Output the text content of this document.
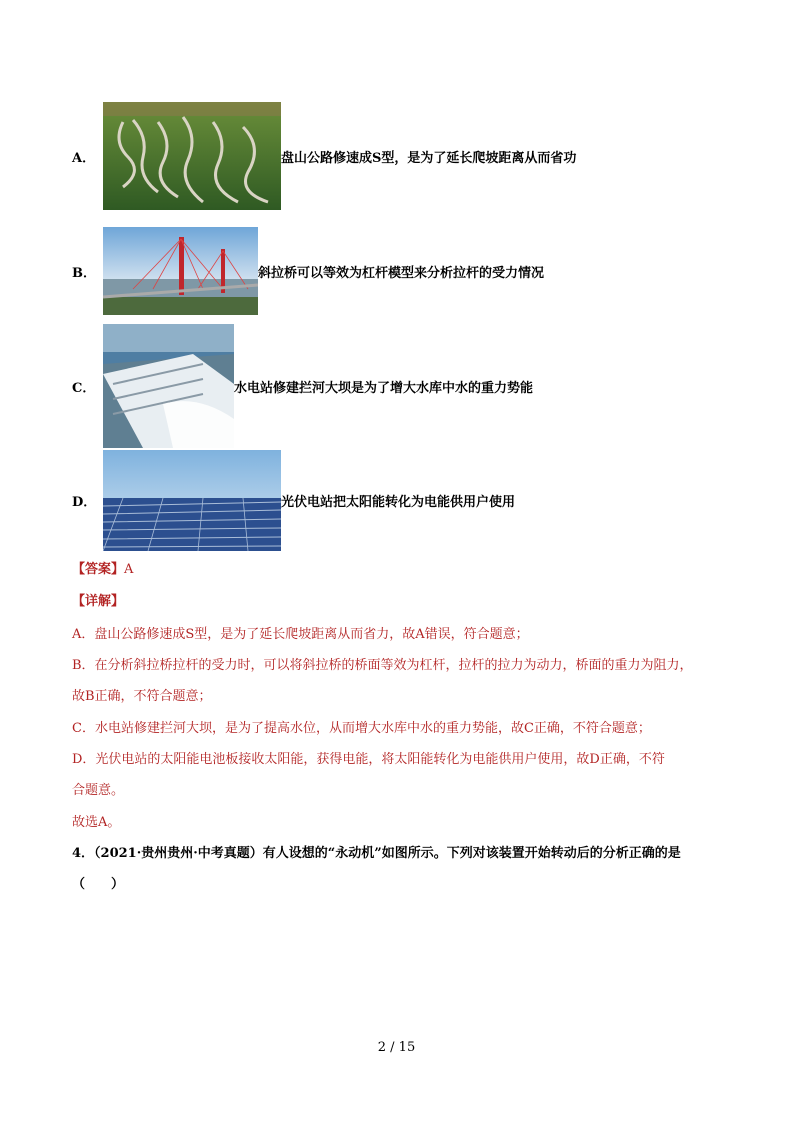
A．	盘山公路修速成S型，是为了延长爬坡距离从而省功
B．	斜拉桥可以等效为杠杆模型来分析拉杆的受力情况
C．	水电站修建拦河大坝是为了增大水库中水的重力势能
D．	光伏电站把太阳能转化为电能供用户使用
【答案】A
【详解】
A．盘山公路修速成S型，是为了延长爬坡距离从而省力，故A错误，符合题意；
B．在分析斜拉桥拉杆的受力时，可以将斜拉桥的桥面等效为杠杆，拉杆的拉力为动力，桥面的重力为阻力，
故B正确，不符合题意；
C．水电站修建拦河大坝，是为了提高水位，从而增大水库中水的重力势能，故C正确，不符合题意；
D．光伏电站的太阳能电池板接收太阳能，获得电能，将太阳能转化为电能供用户使用，故D正确，不符
合题意。
故选A。
4．（2021·贵州贵州·中考真题）有人设想的“永动机”如图所示。下列对该装置开始转动后的分析正确的是
（　　）
2 / 15
